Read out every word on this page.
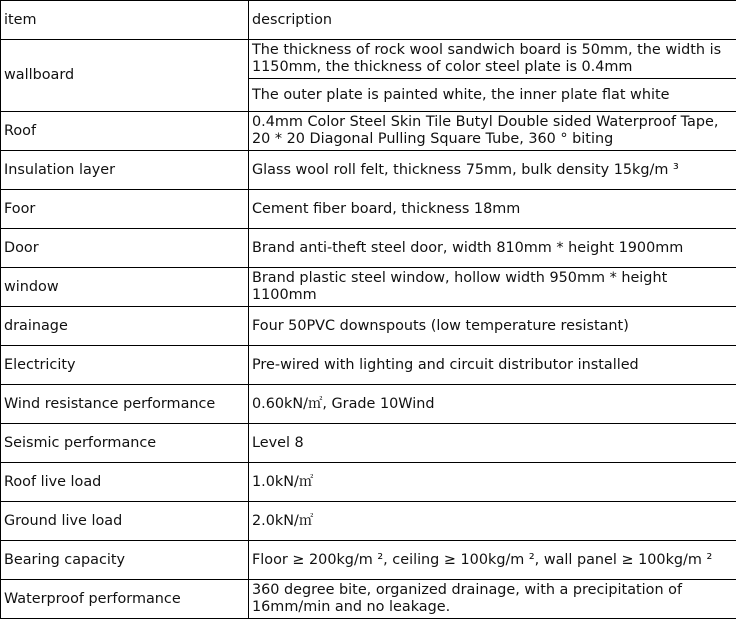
item	description
wallboard	The thickness of rock wool sandwich board is 50mm, the width is 1150mm, the thickness of color steel plate is 0.4mm
	The outer plate is painted white, the inner plate flat white
Roof	0.4mm Color Steel Skin Tile Butyl Double sided Waterproof Tape, 20 * 20 Diagonal Pulling Square Tube, 360 ° biting
Insulation layer	Glass wool roll felt, thickness 75mm, bulk density 15kg/m ³
Foor	Cement fiber board, thickness 18mm
Door	Brand anti-theft steel door, width 810mm * height 1900mm
window	Brand plastic steel window, hollow width 950mm * height 1100mm
drainage	Four 50PVC downspouts (low temperature resistant)
Electricity	Pre-wired with lighting and circuit distributor installed
Wind resistance performance	0.60kN/㎡, Grade 10Wind
Seismic performance	Level 8
Roof live load	1.0kN/㎡
Ground live load	2.0kN/㎡
Bearing capacity	Floor ≥ 200kg/m ², ceiling ≥ 100kg/m ², wall panel ≥ 100kg/m ²
Waterproof performance	360 degree bite, organized drainage, with a precipitation of 16mm/min and no leakage.
